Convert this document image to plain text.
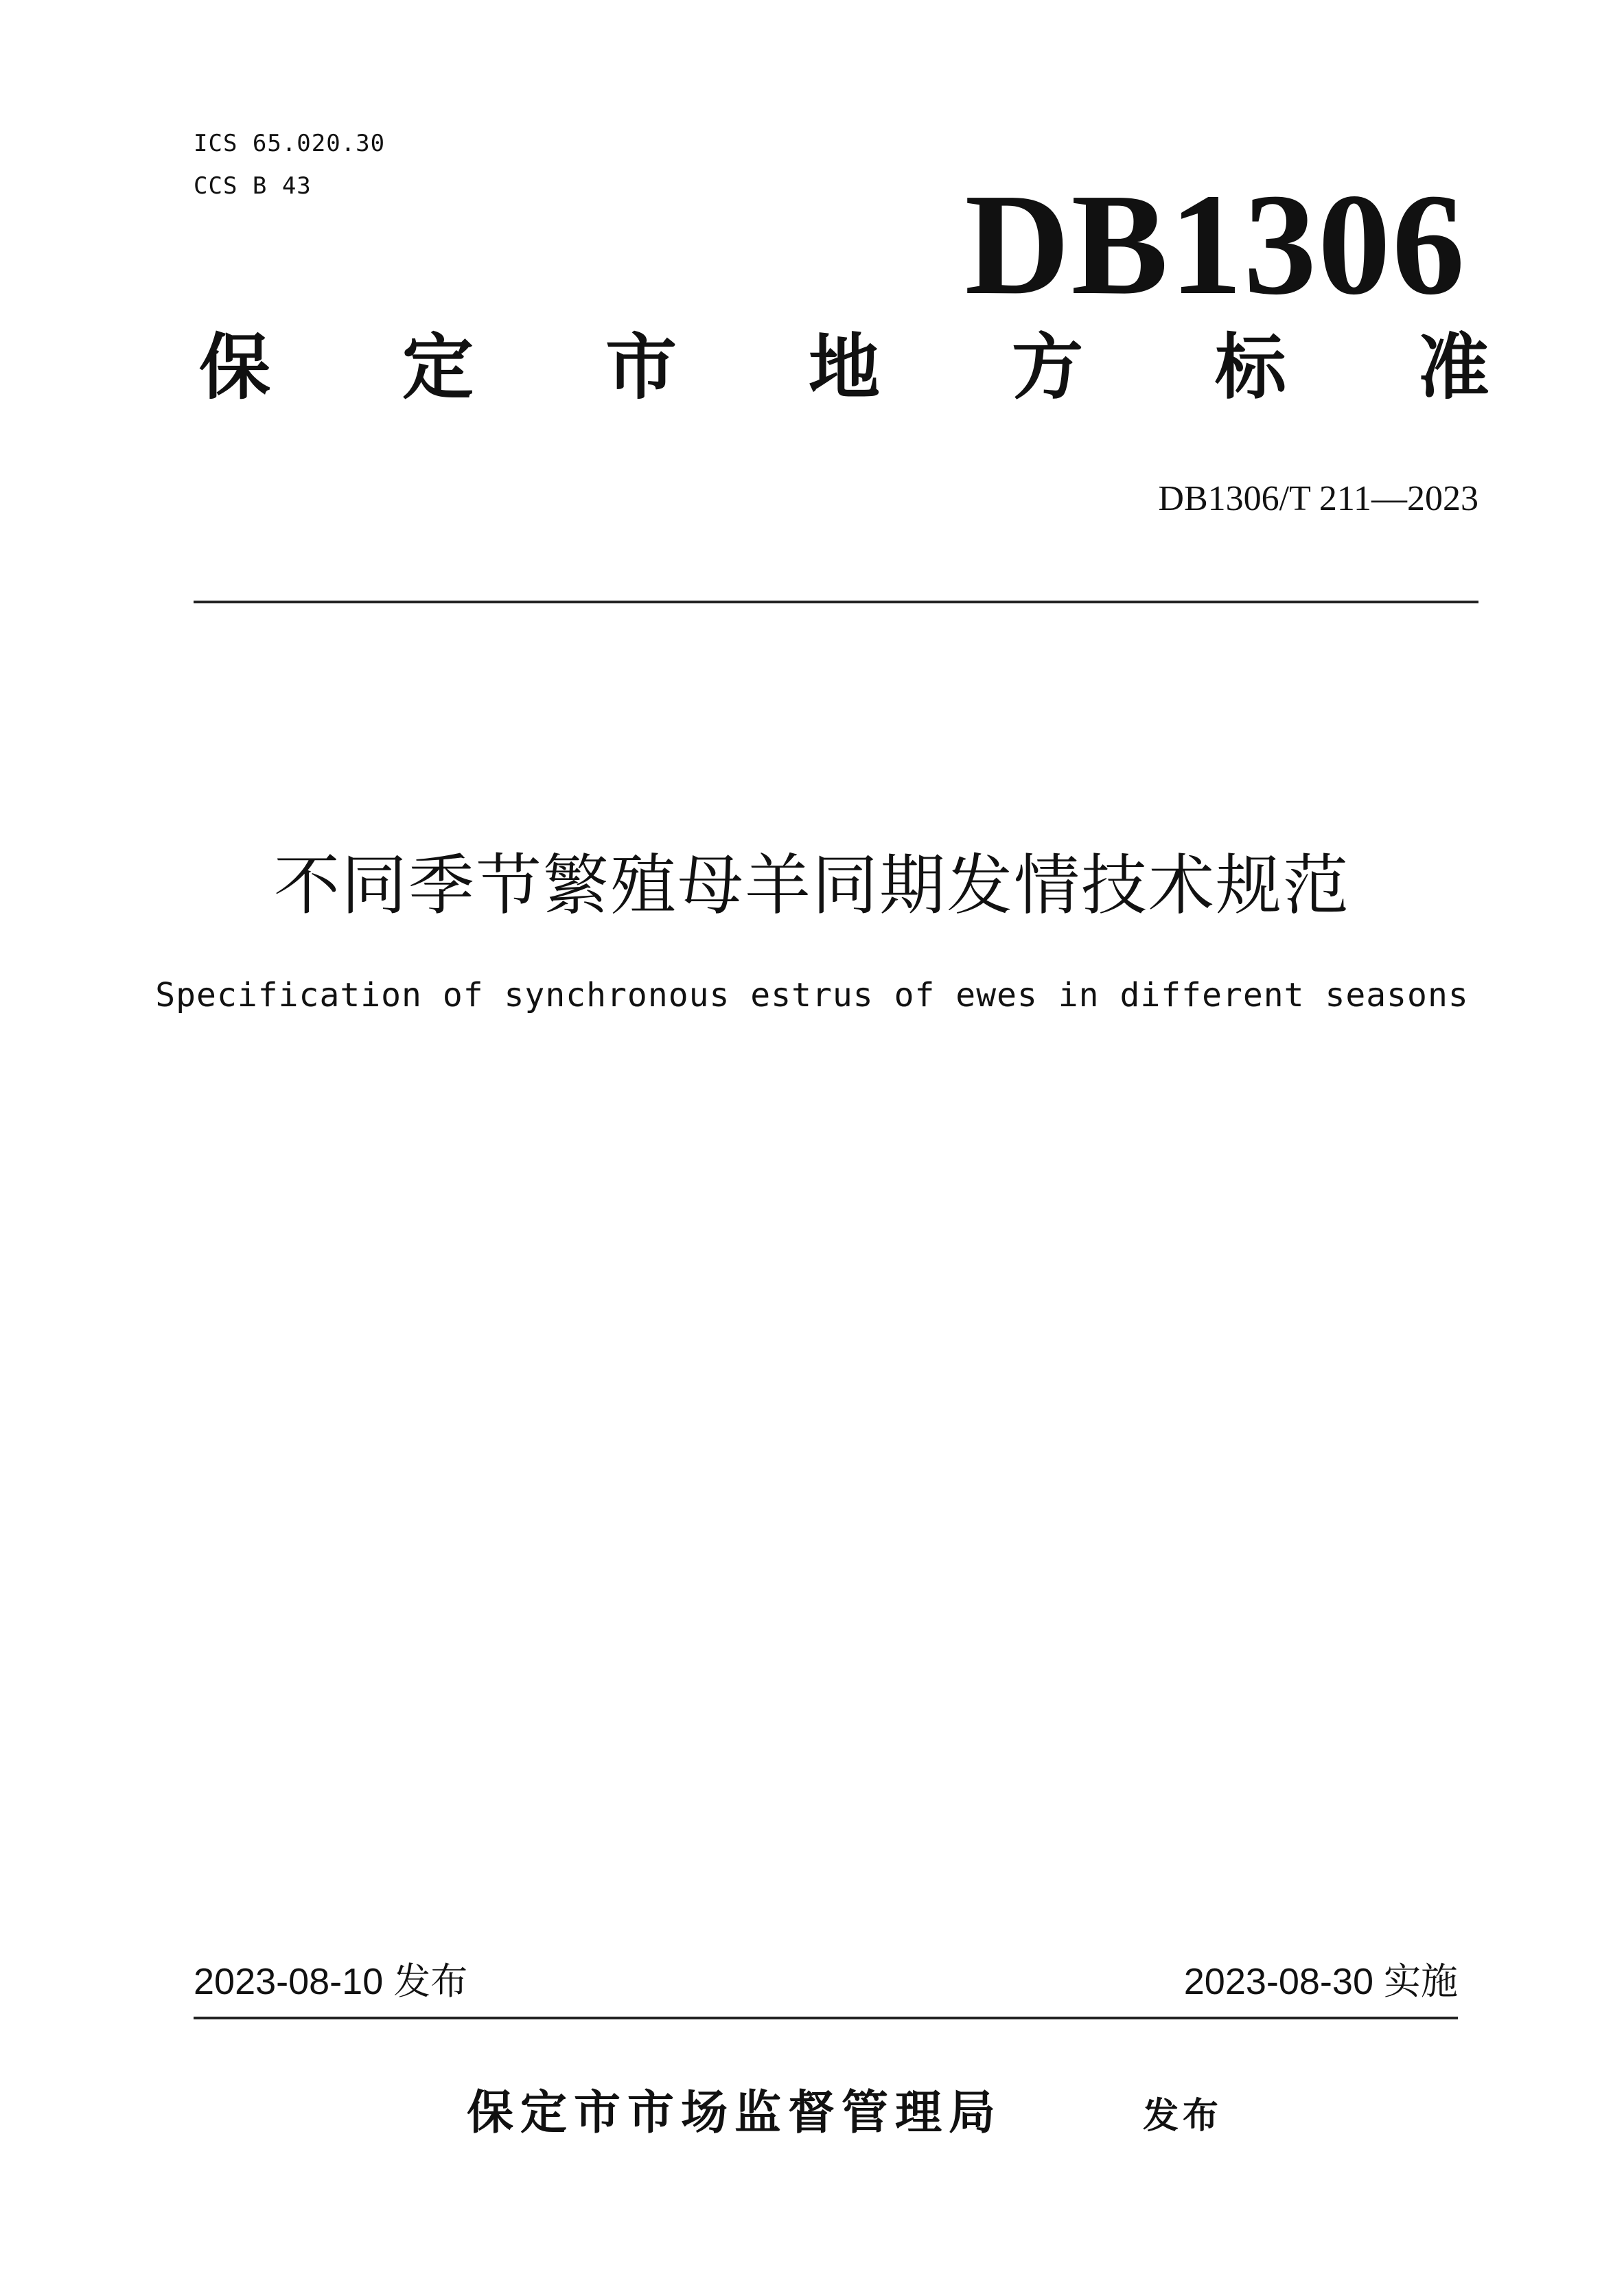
ICS 65.020.30
CCS B 43	DB1306
保 定 市 地 方 标 准
DB1306/T 211—2023
不同季节繁殖母羊同期发情技术规范
Specification of synchronous estrus of ewes in different seasons
2023-08-10 发布	2023-08-30 实施
保定市市场监督管理局	发布
